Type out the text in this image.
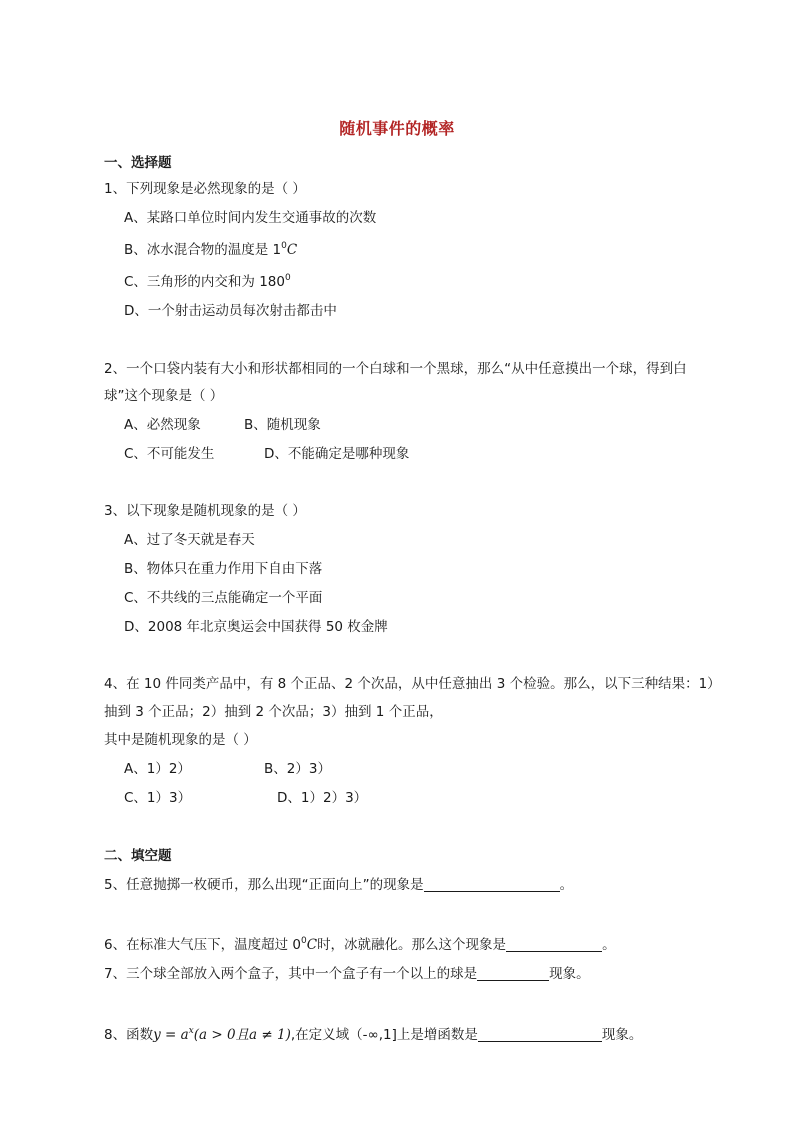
随机事件的概率
一、选择题
1、下列现象是必然现象的是（ ）
A、某路口单位时间内发生交通事故的次数
B、冰水混合物的温度是 $1^0C$
C、三角形的内交和为 $180^0$
D、一个射击运动员每次射击都击中
2、一个口袋内装有大小和形状都相同的一个白球和一个黑球，那么“从中任意摸出一个球，得到白
球”这个现象是（ ）
A、必然现象	B、随机现象
C、不可能发生	D、不能确定是哪种现象
3、以下现象是随机现象的是（ ）
A、过了冬天就是春天
B、物体只在重力作用下自由下落
C、不共线的三点能确定一个平面
D、2008 年北京奥运会中国获得 50 枚金牌
4、在 10 件同类产品中，有 8 个正品、2 个次品，从中任意抽出 3 个检验。那么，以下三种结果：1）
抽到 3 个正品；2）抽到 2 个次品；3）抽到 1 个正品，
其中是随机现象的是（ ）
A、1）2）	B、2）3）
C、1）3）	D、1）2）3）
二、填空题
5、任意抛掷一枚硬币，那么出现“正面向上”的现象是	。
6、在标准大气压下，温度超过 $0^0C$时，冰就融化。那么这个现象是	。
7、三个球全部放入两个盒子，其中一个盒子有一个以上的球是	现象。
8、函数$y = a^x(a > 0$且a ≠ 1),在定义域（-∞,1]上是增函数是	现象。
